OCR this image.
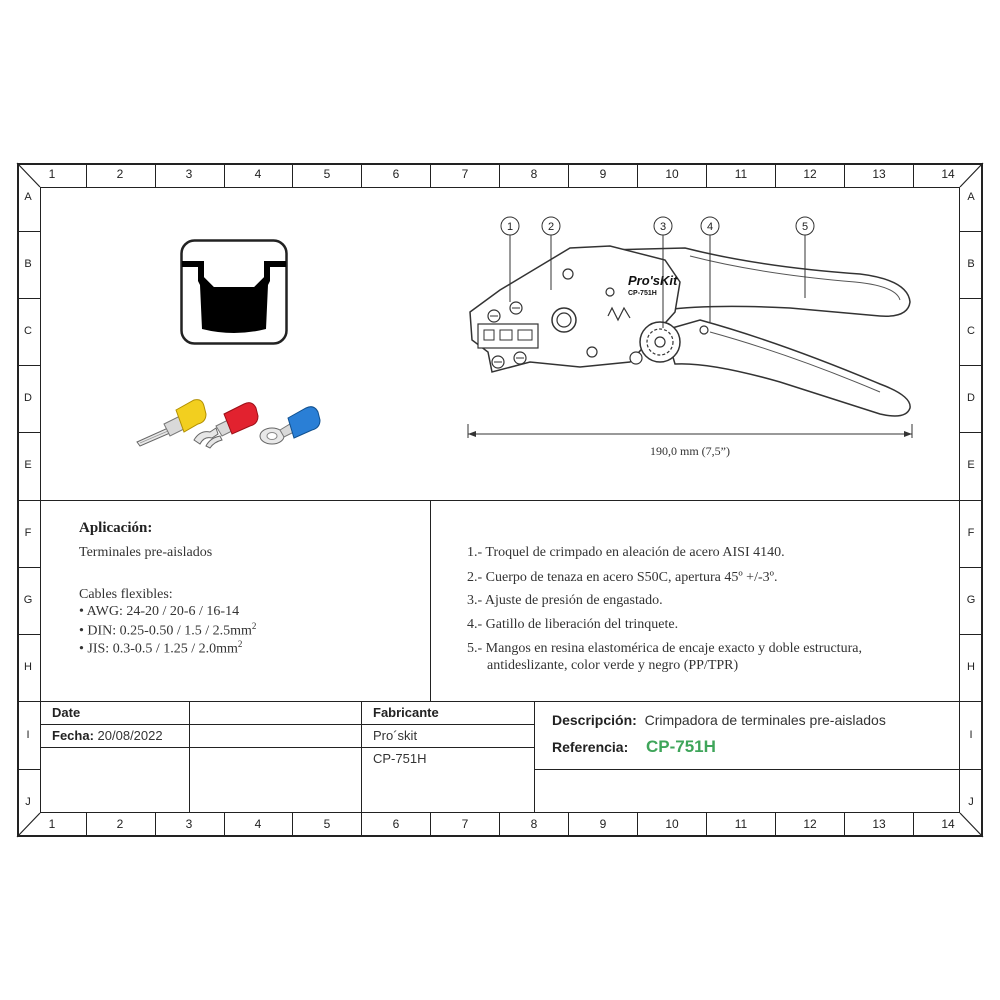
1	2	3	4	5	6	7	8	9	10	11	12	13	14
1	2	3	4	5	6	7	8	9	10	11	12	13	14
A
B
C
D
E
F
G
H
I
J
A
B
C
D
E
F
G
H
I
J
Pro'sKit
CP-751H
1	2	3	4	5
190,0 mm (7,5”)
Aplicación:
Terminales pre-aislados
Cables flexibles:
• AWG: 24-20 / 20-6 / 16-14
• DIN: $0.25-0.50 / 1.5 / 2.5mm^2$
• JIS: $0.3-0.5 / 1.25 / 2.0mm^2$
1.- Troquel de crimpado en aleación de acero AISI 4140.
2.- Cuerpo de tenaza en acero S50C, apertura 45º +/-3º.
3.- Ajuste de presión de engastado.
4.- Gatillo de liberación del trinquete.
5.- Mangos en resina elastomérica de encaje exacto y doble estructura,
antideslizante, color verde y negro (PP/TPR)
Date
Fecha: 20/08/2022
Fabricante
Pro´skit
CP-751H
Descripción: Crimpadora de terminales pre-aislados
Referencia: CP-751H
